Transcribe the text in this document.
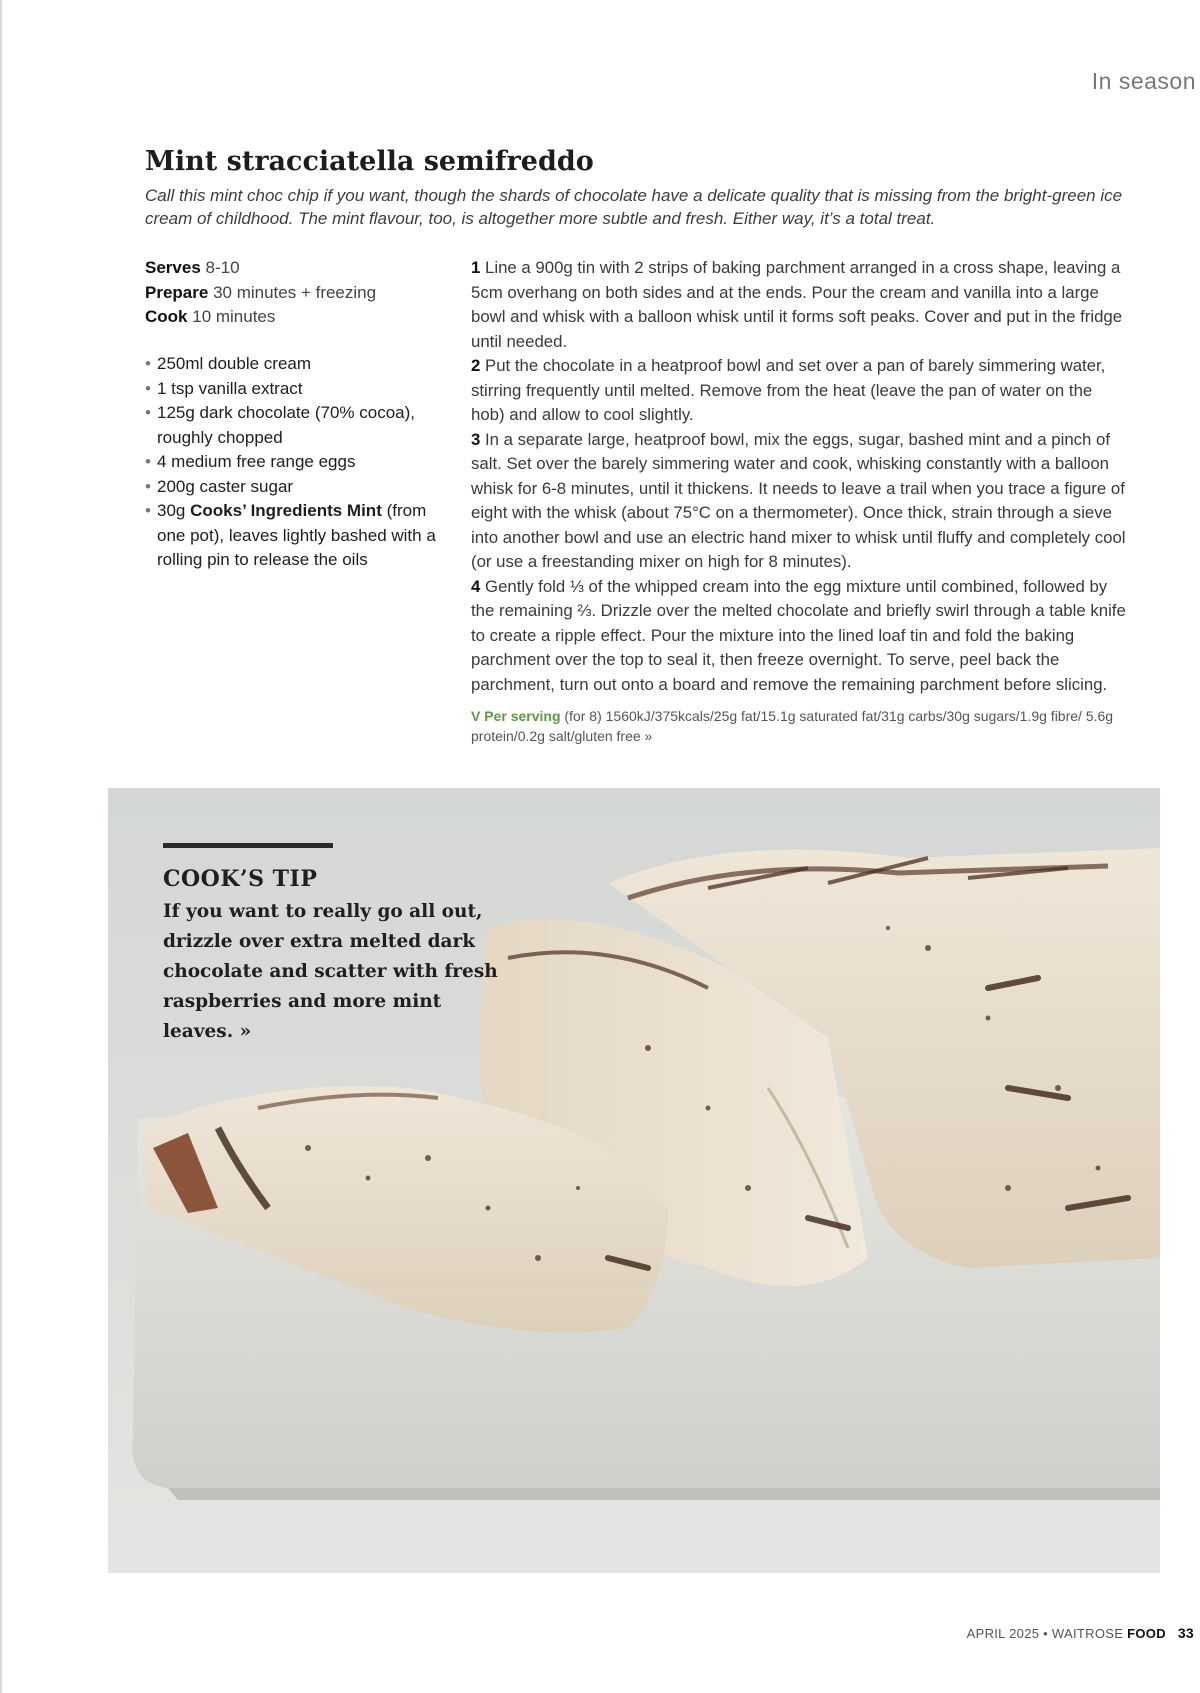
In season
Mint stracciatella semifreddo

Call this mint choc chip if you want, though the shards of chocolate have a delicate quality that is missing from the bright-green ice cream of childhood. The mint flavour, too, is altogether more subtle and fresh. Either way, it’s a total treat.

Serves 8-10
Prepare 30 minutes + freezing
Cook 10 minutes
• 250ml double cream
• 1 tsp vanilla extract
• 125g dark chocolate (70% cocoa), roughly chopped
• 4 medium free range eggs
• 200g caster sugar
• 30g Cooks’ Ingredients Mint (from one pot), leaves lightly bashed with a rolling pin to release the oils

1 Line a 900g tin with 2 strips of baking parchment arranged in a cross shape, leaving a 5cm overhang on both sides and at the ends. Pour the cream and vanilla into a large bowl and whisk with a balloon whisk until it forms soft peaks. Cover and put in the fridge until needed.

2 Put the chocolate in a heatproof bowl and set over a pan of barely simmering water, stirring frequently until melted. Remove from the heat (leave the pan of water on the hob) and allow to cool slightly.

3 In a separate large, heatproof bowl, mix the eggs, sugar, bashed mint and a pinch of salt. Set over the barely simmering water and cook, whisking constantly with a balloon whisk for 6-8 minutes, until it thickens. It needs to leave a trail when you trace a figure of eight with the whisk (about 75°C on a thermometer). Once thick, strain through a sieve into another bowl and use an electric hand mixer to whisk until fluffy and completely cool (or use a freestanding mixer on high for 8 minutes).

4 Gently fold ⅓ of the whipped cream into the egg mixture until combined, followed by the remaining ⅔. Drizzle over the melted chocolate and briefly swirl through a table knife to create a ripple effect. Pour the mixture into the lined loaf tin and fold the baking parchment over the top to seal it, then freeze overnight. To serve, peel back the parchment, turn out onto a board and remove the remaining parchment before slicing.

V Per serving (for 8) 1560kJ/375kcals/25g fat/15.1g saturated fat/31g carbs/30g sugars/1.9g fibre/ 5.6g protein/0.2g salt/gluten free »
COOK’S TIP

If you want to really go all out, drizzle over extra melted dark chocolate and scatter with fresh raspberries and more mint leaves. »

APRIL 2025 • WAITROSE FOOD 33
